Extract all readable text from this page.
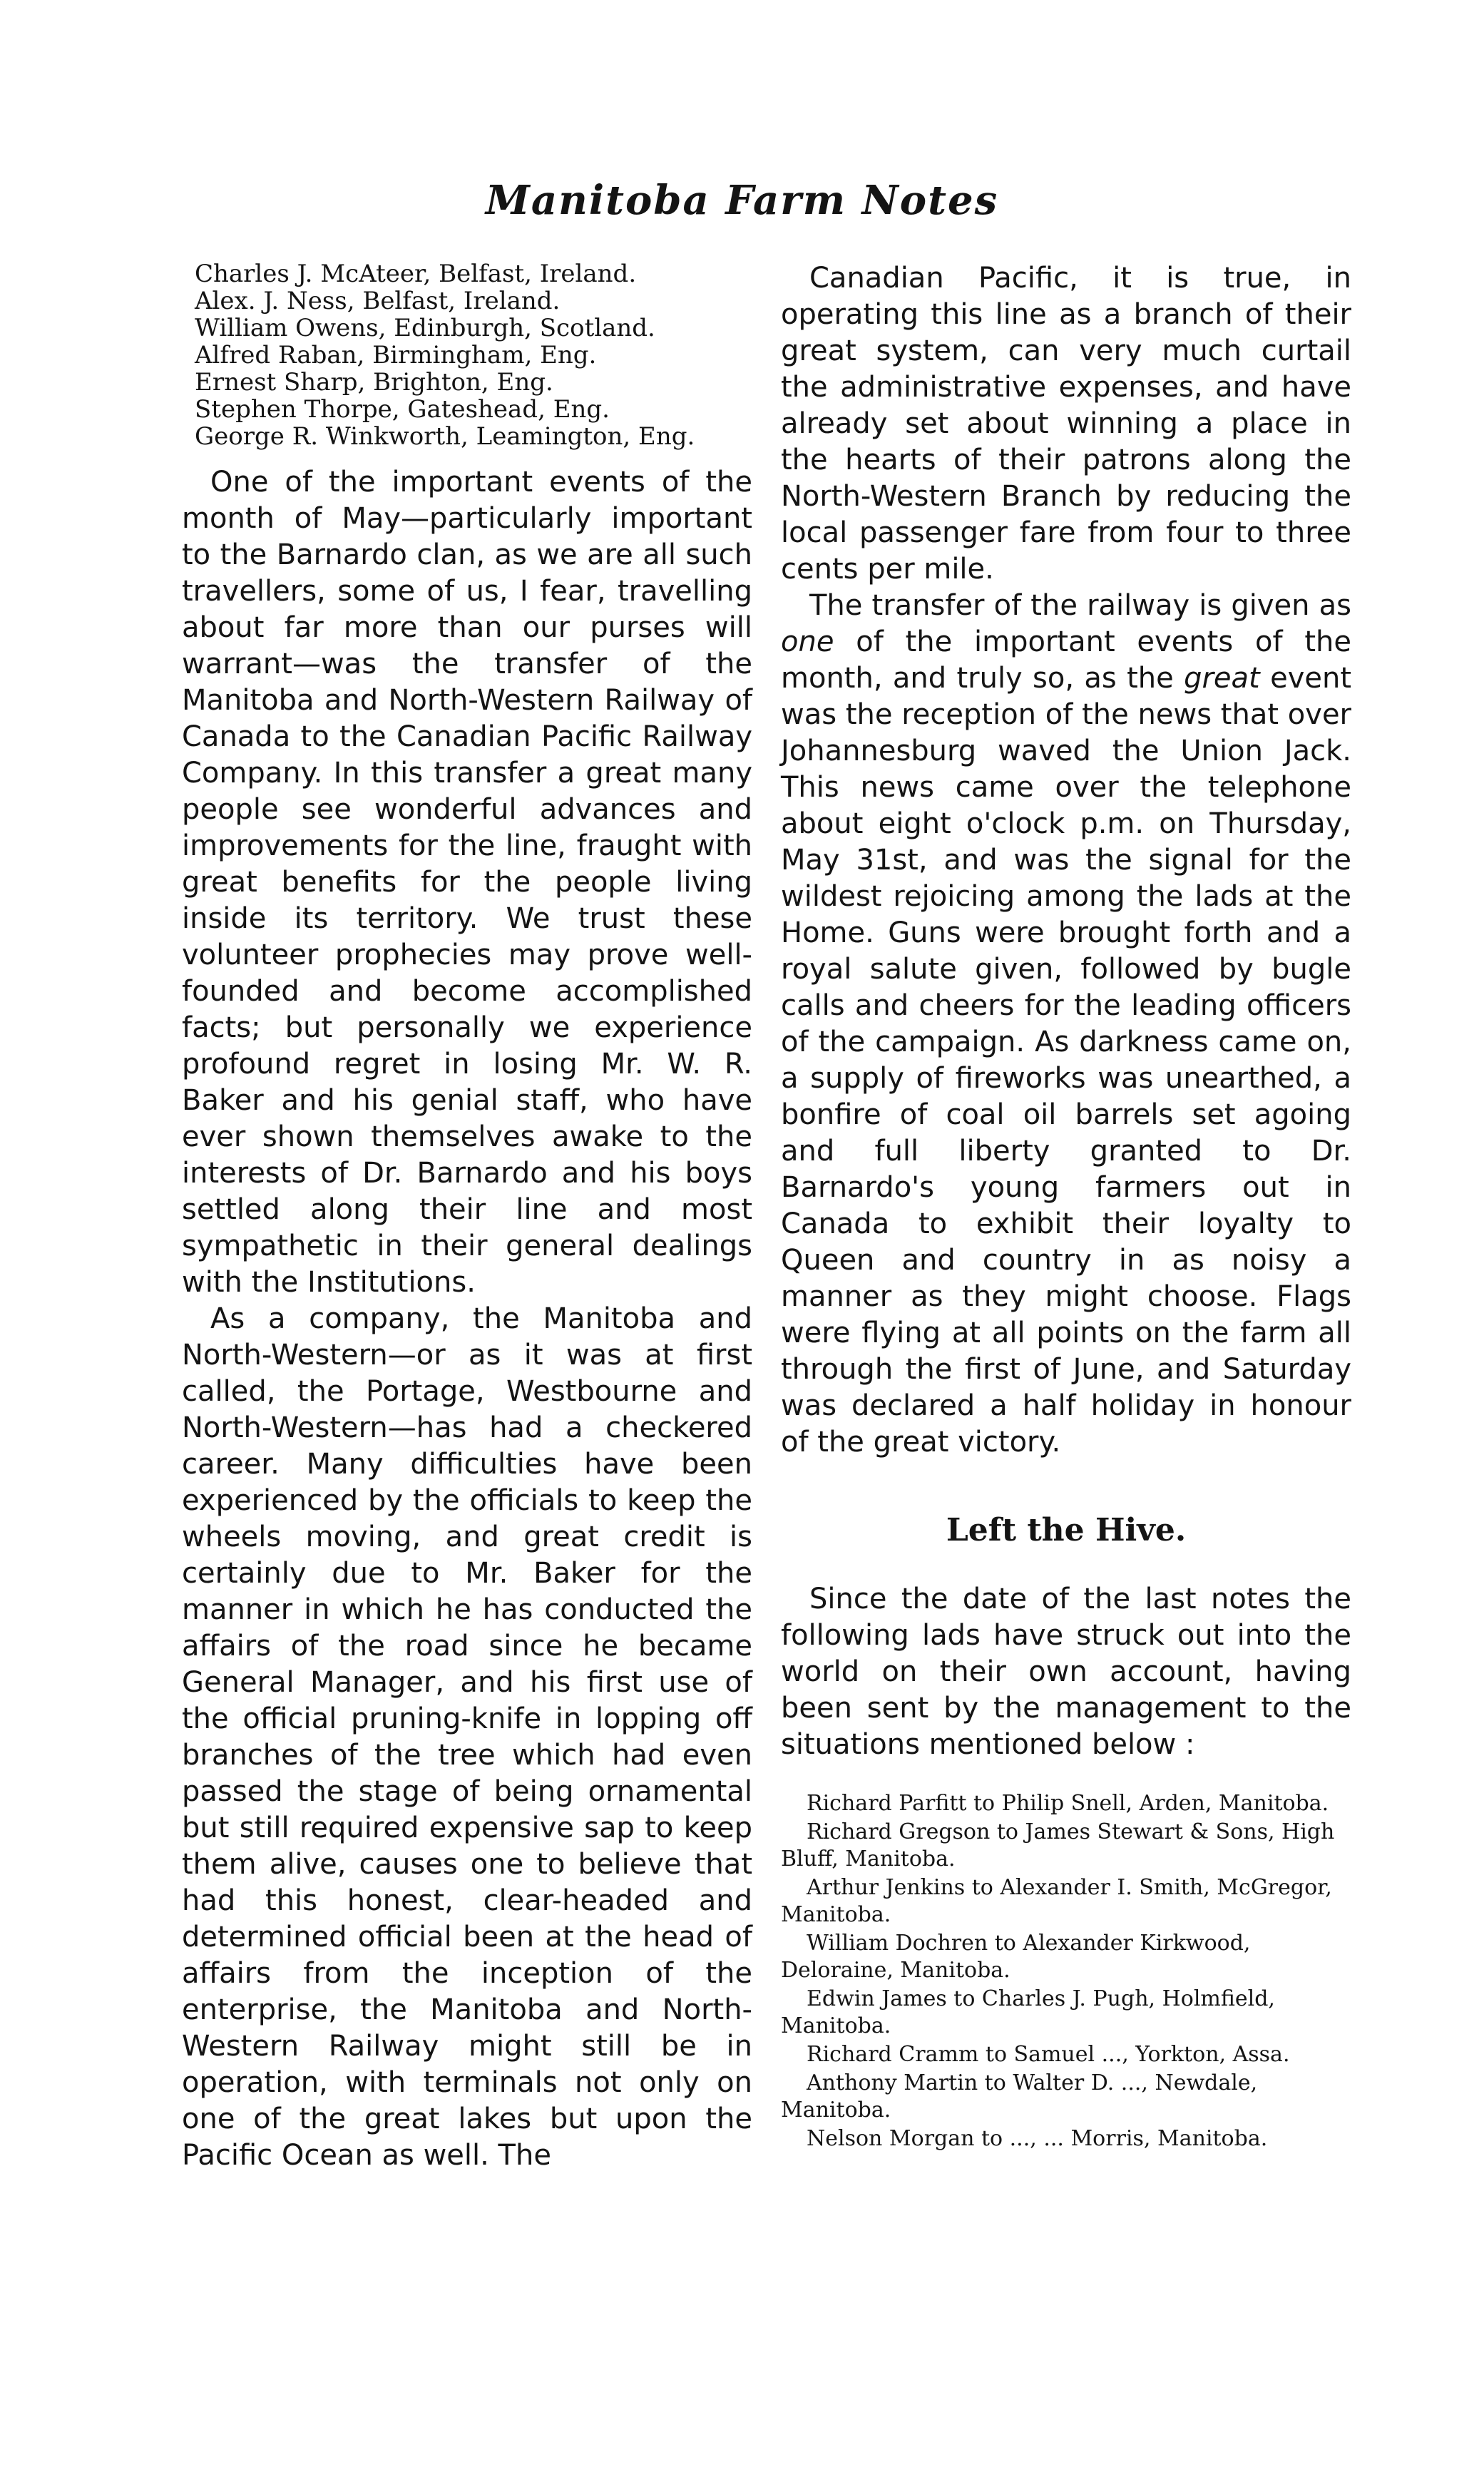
Manitoba Farm Notes

Charles J. McAteer, Belfast, Ireland.

Alex. J. Ness, Belfast, Ireland.

William Owens, Edinburgh, Scotland.

Alfred Raban, Birmingham, Eng.

Ernest Sharp, Brighton, Eng.

Stephen Thorpe, Gateshead, Eng.

George R. Winkworth, Leamington, Eng.

One of the important events of the month of May—particularly important to the Barnardo clan, as we are all such travellers, some of us, I fear, travelling about far more than our purses will warrant—was the transfer of the Manitoba and North-Western Railway of Canada to the Canadian Pacific Railway Company. In this transfer a great many people see wonderful advances and improvements for the line, fraught with great benefits for the people living inside its territory. We trust these volunteer prophecies may prove well-founded and become accomplished facts; but personally we experience profound regret in losing Mr. W. R. Baker and his genial staff, who have ever shown themselves awake to the interests of Dr. Barnardo and his boys settled along their line and most sympathetic in their general dealings with the Institutions.

As a company, the Manitoba and North-Western—or as it was at first called, the Portage, Westbourne and North-Western—has had a checkered career. Many difficulties have been experienced by the officials to keep the wheels moving, and great credit is certainly due to Mr. Baker for the manner in which he has conducted the affairs of the road since he became General Manager, and his first use of the official pruning-knife in lopping off branches of the tree which had even passed the stage of being ornamental but still required expensive sap to keep them alive, causes one to believe that had this honest, clear-headed and determined official been at the head of affairs from the inception of the enterprise, the Manitoba and North-Western Railway might still be in operation, with terminals not only on one of the great lakes but upon the Pacific Ocean as well. The

Canadian Pacific, it is true, in operating this line as a branch of their great system, can very much curtail the administrative expenses, and have already set about winning a place in the hearts of their patrons along the North-Western Branch by reducing the local passenger fare from four to three cents per mile.

The transfer of the railway is given as one of the important events of the month, and truly so, as the great event was the reception of the news that over Johannesburg waved the Union Jack. This news came over the telephone about eight o'clock p.m. on Thursday, May 31st, and was the signal for the wildest rejoicing among the lads at the Home. Guns were brought forth and a royal salute given, followed by bugle calls and cheers for the leading officers of the campaign. As darkness came on, a supply of fireworks was unearthed, a bonfire of coal oil barrels set agoing and full liberty granted to Dr. Barnardo's young farmers out in Canada to exhibit their loyalty to Queen and country in as noisy a manner as they might choose. Flags were flying at all points on the farm all through the first of June, and Saturday was declared a half holiday in honour of the great victory.

Left the Hive.

Since the date of the last notes the following lads have struck out into the world on their own account, having been sent by the management to the situations mentioned below :

Richard Parfitt to Philip Snell, Arden, Manitoba.

Richard Gregson to James Stewart & Sons, High Bluff, Manitoba.

Arthur Jenkins to Alexander I. Smith, McGregor, Manitoba.

William Dochren to Alexander Kirkwood, Deloraine, Manitoba.

Edwin James to Charles J. Pugh, Holmfield, Manitoba.

Richard Cramm to Samuel ..., Yorkton, Assa.

Anthony Martin to Walter D. ..., Newdale, Manitoba.

Nelson Morgan to ..., ... Morris, Manitoba.
